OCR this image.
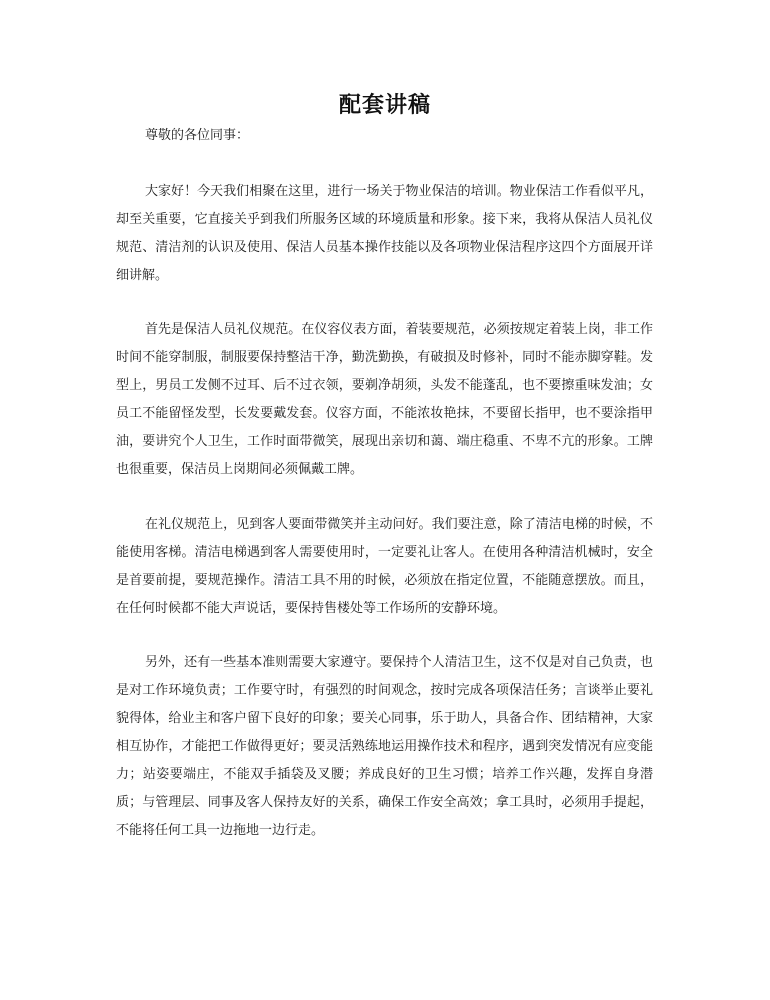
配套讲稿

尊敬的各位同事：

大家好！今天我们相聚在这里，进行一场关于物业保洁的培训。物业保洁工作看似平凡，却至关重要，它直接关乎到我们所服务区域的环境质量和形象。接下来，我将从保洁人员礼仪规范、清洁剂的认识及使用、保洁人员基本操作技能以及各项物业保洁程序这四个方面展开详细讲解。

首先是保洁人员礼仪规范。在仪容仪表方面，着装要规范，必须按规定着装上岗，非工作时间不能穿制服，制服要保持整洁干净，勤洗勤换，有破损及时修补，同时不能赤脚穿鞋。发型上，男员工发侧不过耳、后不过衣领，要剃净胡须，头发不能蓬乱，也不要擦重味发油；女员工不能留怪发型，长发要戴发套。仪容方面，不能浓妆艳抹，不要留长指甲，也不要涂指甲油，要讲究个人卫生，工作时面带微笑，展现出亲切和蔼、端庄稳重、不卑不亢的形象。工牌也很重要，保洁员上岗期间必须佩戴工牌。

在礼仪规范上，见到客人要面带微笑并主动问好。我们要注意，除了清洁电梯的时候，不能使用客梯。清洁电梯遇到客人需要使用时，一定要礼让客人。在使用各种清洁机械时，安全是首要前提，要规范操作。清洁工具不用的时候，必须放在指定位置，不能随意摆放。而且，在任何时候都不能大声说话，要保持售楼处等工作场所的安静环境。

另外，还有一些基本准则需要大家遵守。要保持个人清洁卫生，这不仅是对自己负责，也是对工作环境负责；工作要守时，有强烈的时间观念，按时完成各项保洁任务；言谈举止要礼貌得体，给业主和客户留下良好的印象；要关心同事，乐于助人，具备合作、团结精神，大家相互协作，才能把工作做得更好；要灵活熟练地运用操作技术和程序，遇到突发情况有应变能力；站姿要端庄，不能双手插袋及叉腰；养成良好的卫生习惯；培养工作兴趣，发挥自身潜质；与管理层、同事及客人保持友好的关系，确保工作安全高效；拿工具时，必须用手提起，不能将任何工具一边拖地一边行走。
